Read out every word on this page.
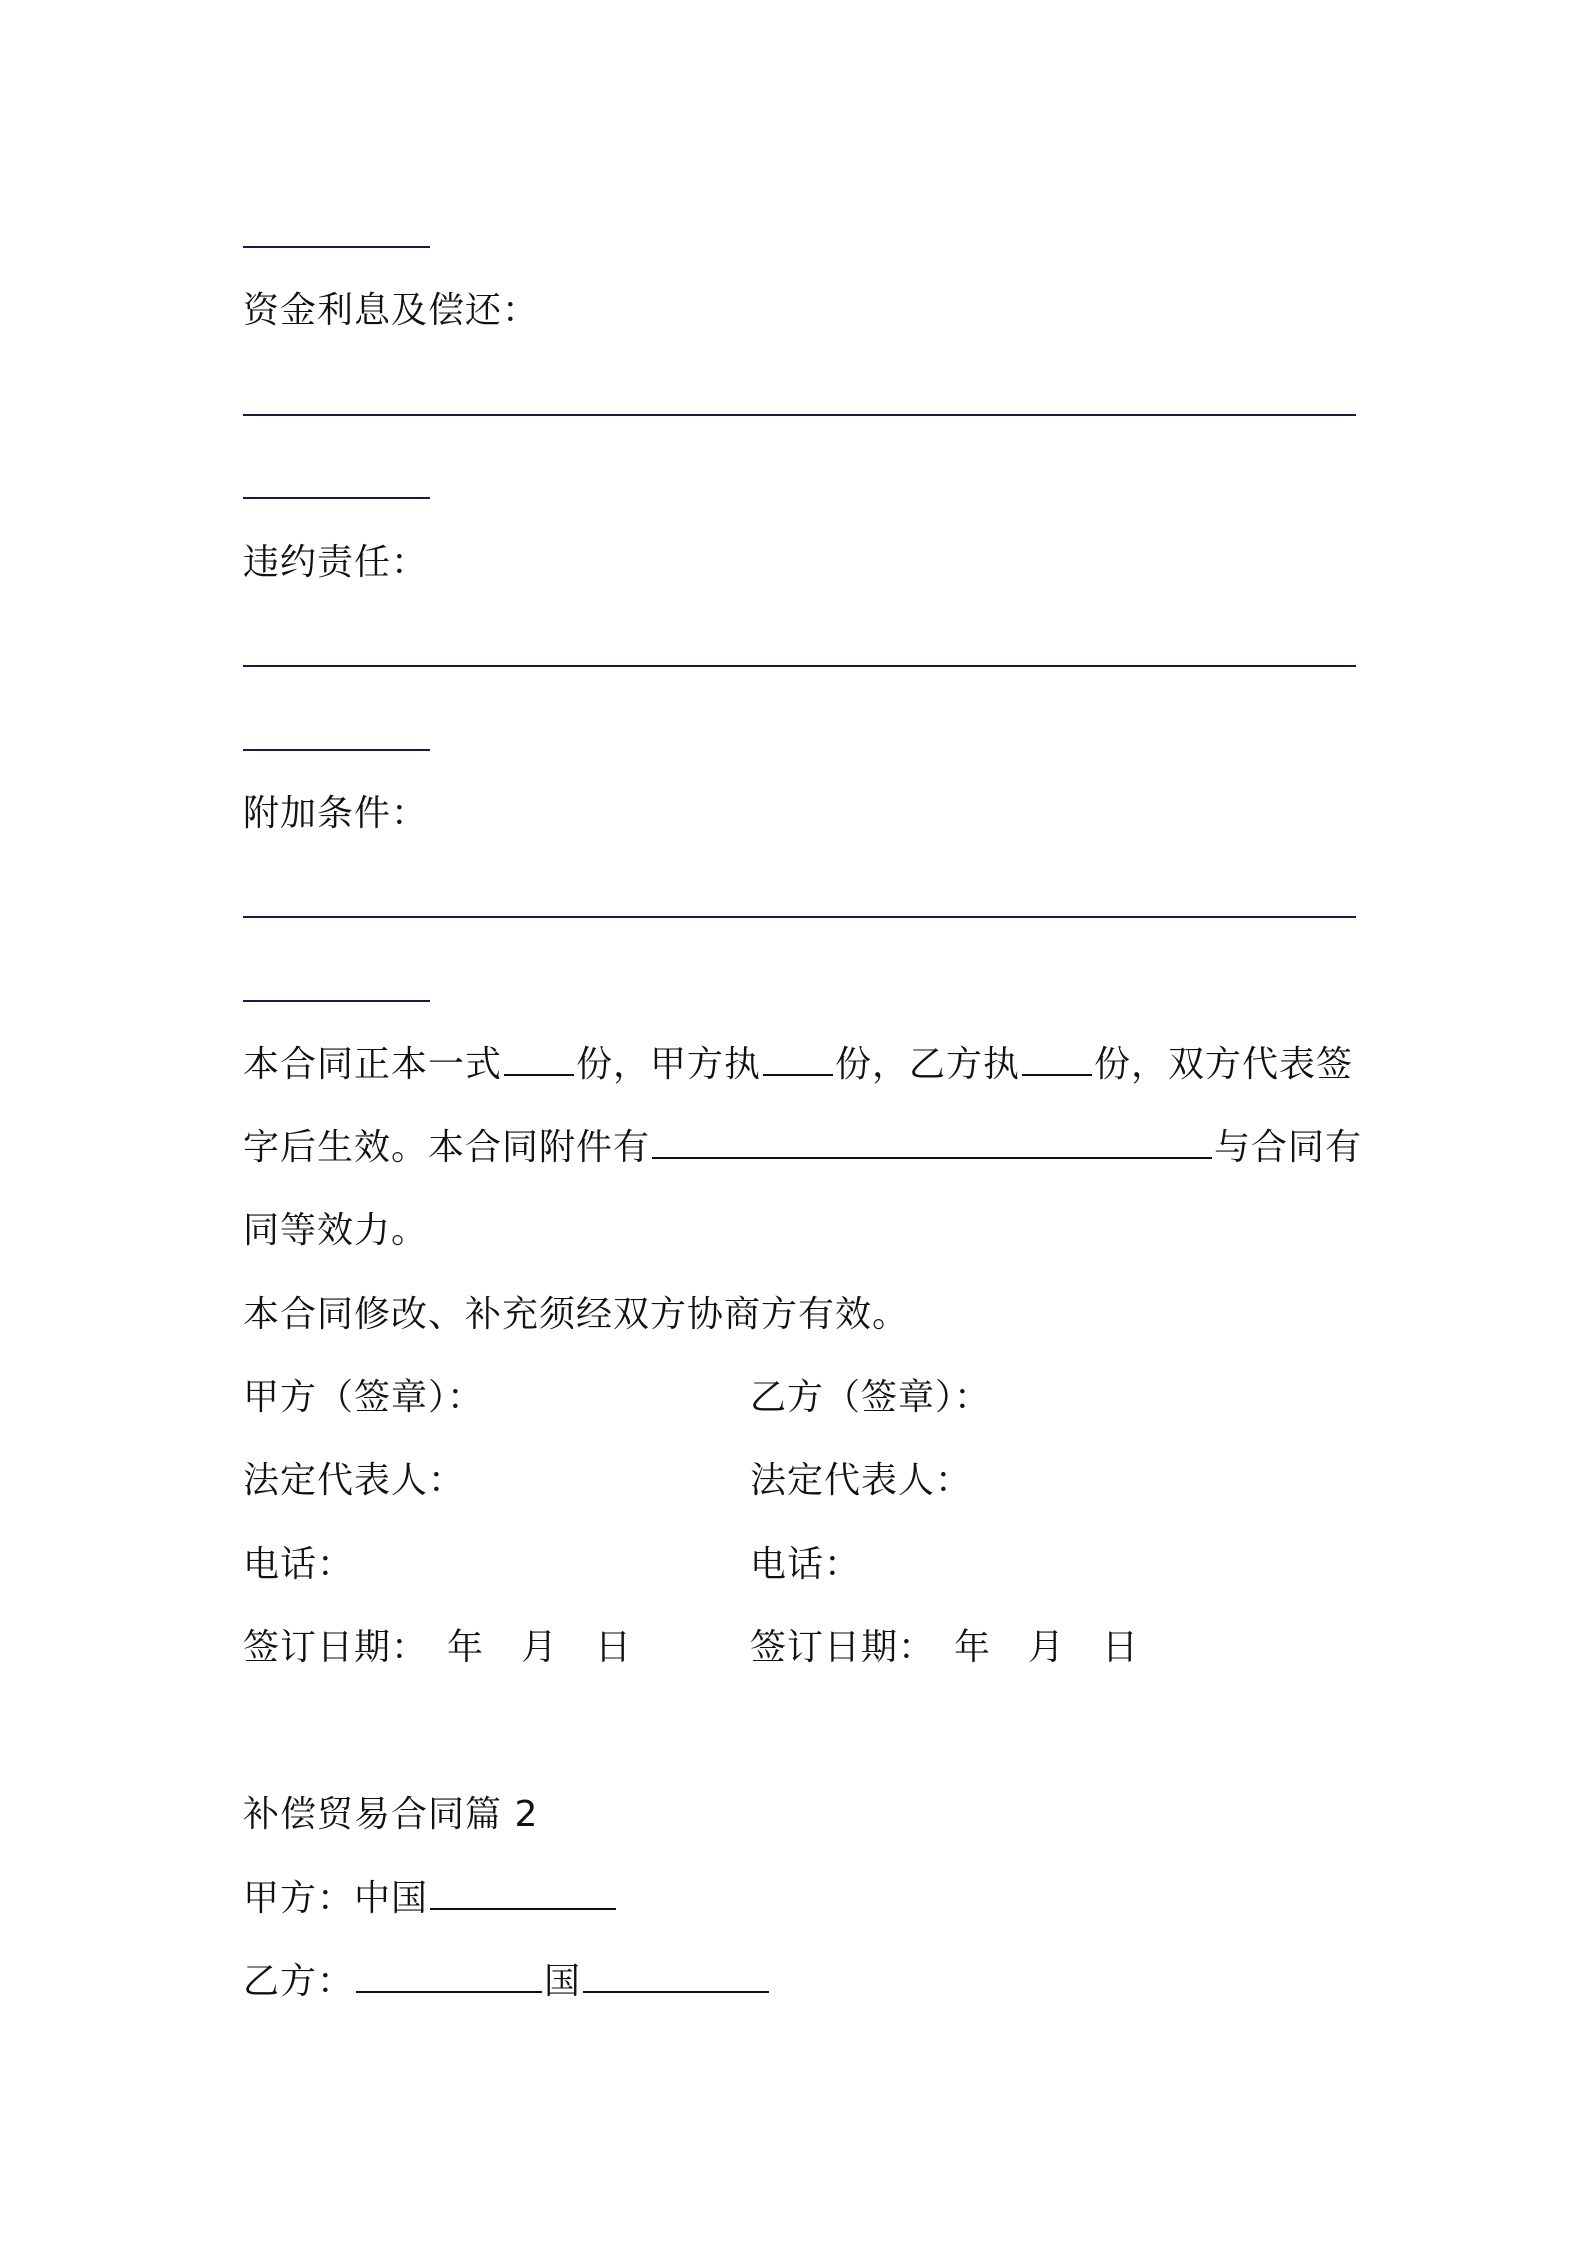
资金利息及偿还：
违约责任：
附加条件：
本合同正本一式 份，甲方执 份，乙方执 份，双方代表签
字后生效。本合同附件有	与合同有
同等效力。
本合同修改、补充须经双方协商方有效。
甲方（签章）：	乙方（签章）：
法定代表人：	法定代表人：
电话：	电话：
签订日期：　年　月　日	签订日期：　年　月　日
补偿贸易合同篇 2
甲方：中国
乙方：	国
